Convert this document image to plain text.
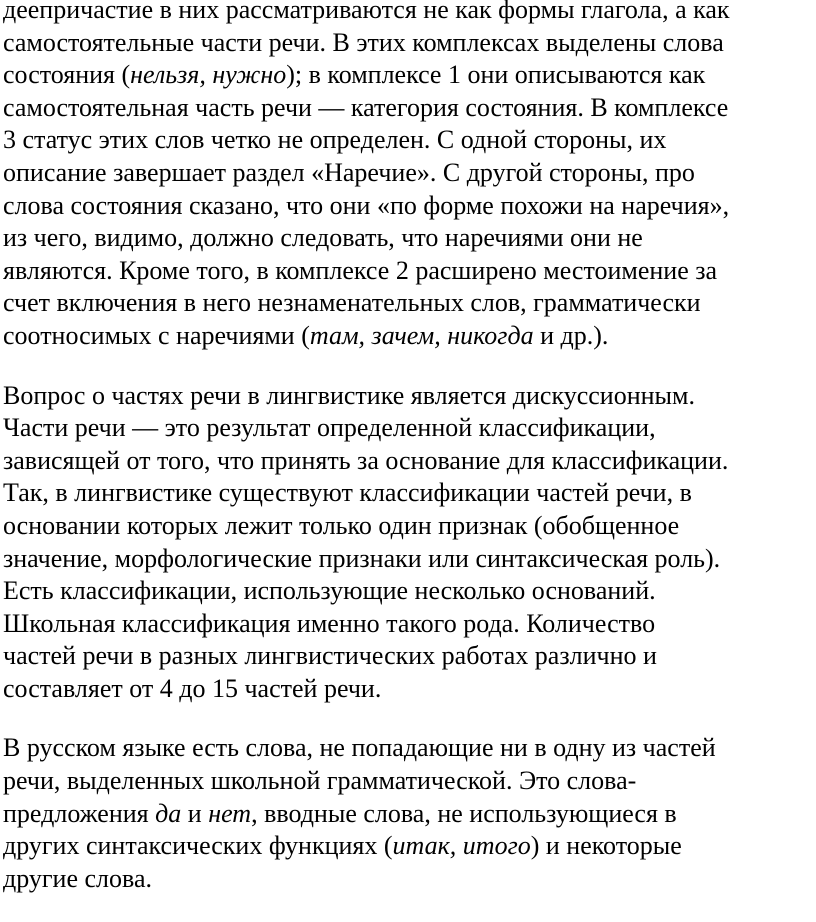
деепричастие в них рассматриваются не как формы глагола, а как
самостоятельные части речи. В этих комплексах выделены слова
состояния (нельзя, нужно); в комплексе 1 они описываются как
самостоятельная часть речи — категория состояния. В комплексе
3 статус этих слов четко не определен. С одной стороны, их
описание завершает раздел «Наречие». С другой стороны, про
слова состояния сказано, что они «по форме похожи на наречия»,
из чего, видимо, должно следовать, что наречиями они не
являются. Кроме того, в комплексе 2 расширено местоимение за
счет включения в него незнаменательных слов, грамматически
соотносимых с наречиями (там, зачем, никогда и др.).

Вопрос о частях речи в лингвистике является дискуссионным.
Части речи — это результат определенной классификации,
зависящей от того, что принять за основание для классификации.
Так, в лингвистике существуют классификации частей речи, в
основании которых лежит только один признак (обобщенное
значение, морфологические признаки или синтаксическая роль).
Есть классификации, использующие несколько оснований.
Школьная классификация именно такого рода. Количество
частей речи в разных лингвистических работах различно и
составляет от 4 до 15 частей речи.

В русском языке есть слова, не попадающие ни в одну из частей
речи, выделенных школьной грамматической. Это слова-
предложения да и нет, вводные слова, не использующиеся в
других синтаксических функциях (итак, итого) и некоторые
другие слова.
